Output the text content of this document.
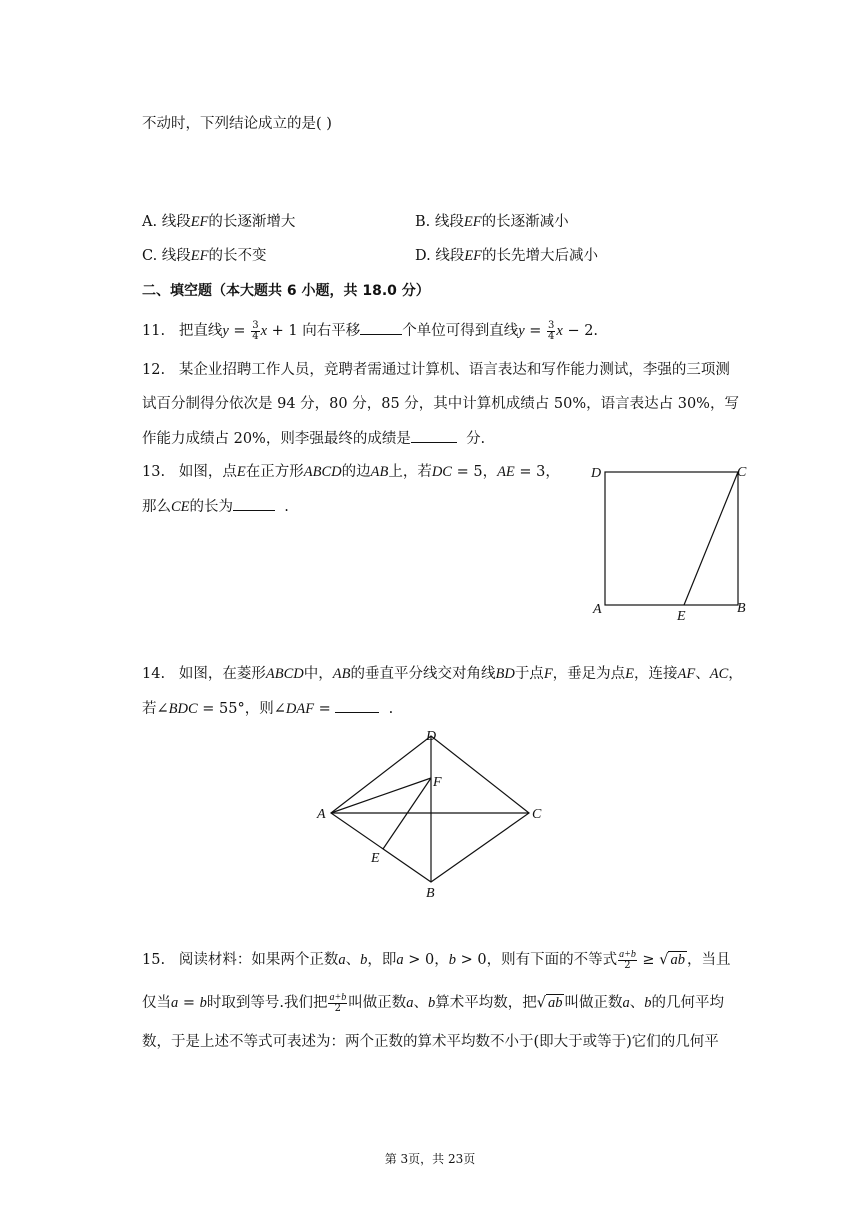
不动时，下列结论成立的是( )
A. 线段EF的长逐渐增大	B. 线段EF的长逐渐减小
C. 线段EF的长不变	D. 线段EF的长先增大后减小
二、填空题（本大题共 6 小题，共 18.0 分）
11. 把直线$y = \frac{3}{4}$ x + 1 向右平移	个单位可得到直线$y = \frac{3}{4}$ x − 2.
12. 某企业招聘工作人员，竞聘者需通过计算机、语言表达和写作能力测试，李强的三项测
试百分制得分依次是 94 分，80 分，85 分，其中计算机成绩占 50%，语言表达占 30%，写
作能力成绩占 20%，则李强最终的成绩是	分.
13. 如图，点E在正方形ABCD的边AB上，若DC = 5，AE = 3，
那么CE的长为	.
D	C
A	E
B
14. 如图，在菱形ABCD中，AB的垂直平分线交对角线BD于点F，垂足为点E，连接AF、AC，
若∠BDC = 55°，则∠DAF =	.
D
F
A	C
E
B
15. 阅读材料：如果两个正数a、b，即a > 0，b > 0，则有下面的不等式 $\frac{a+b}{2}$ ≥ √ ab ，当且
仅当a = b时取到等号.我们把 $\frac{a+b}{2}$ 叫做正数a、b算术平均数，把√ ab 叫做正数a、b的几何平均
数，于是上述不等式可表述为：两个正数的算术平均数不小于(即大于或等于)它们的几何平
第 3页，共 23页
